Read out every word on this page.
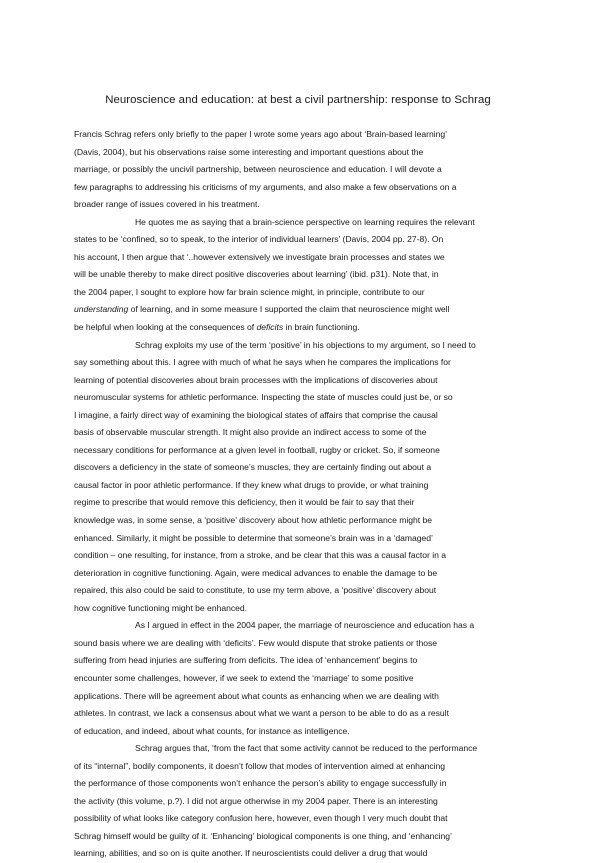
Neuroscience and education: at best a civil partnership: response to Schrag
Francis Schrag refers only briefly to the paper I wrote some years ago about ‘Brain-based learning’
(Davis, 2004), but his observations raise some interesting and important questions about the
marriage, or possibly the uncivil partnership, between neuroscience and education. I will devote a
few paragraphs to addressing his criticisms of my arguments, and also make a few observations on a
broader range of issues covered in his treatment.
He quotes me as saying that a brain-science perspective on learning requires the relevant
states to be ‘confined, so to speak, to the interior of individual learners’ (Davis, 2004 pp. 27-8). On
his account, I then argue that ‘..however extensively we investigate brain processes and states we
will be unable thereby to make direct positive discoveries about learning’ (ibid. p31). Note that, in
the 2004 paper, I sought to explore how far brain science might, in principle, contribute to our
understanding of learning, and in some measure I supported the claim that neuroscience might well
be helpful when looking at the consequences of deficits in brain functioning.
Schrag exploits my use of the term ‘positive’ in his objections to my argument, so I need to
say something about this. I agree with much of what he says when he compares the implications for
learning of potential discoveries about brain processes with the implications of discoveries about
neuromuscular systems for athletic performance. Inspecting the state of muscles could just be, or so
I imagine, a fairly direct way of examining the biological states of affairs that comprise the causal
basis of observable muscular strength. It might also provide an indirect access to some of the
necessary conditions for performance at a given level in football, rugby or cricket. So, if someone
discovers a deficiency in the state of someone’s muscles, they are certainly finding out about a
causal factor in poor athletic performance. If they knew what drugs to provide, or what training
regime to prescribe that would remove this deficiency, then it would be fair to say that their
knowledge was, in some sense, a ‘positive’ discovery about how athletic performance might be
enhanced. Similarly, it might be possible to determine that someone’s brain was in a ‘damaged’
condition – one resulting, for instance, from a stroke, and be clear that this was a causal factor in a
deterioration in cognitive functioning. Again, were medical advances to enable the damage to be
repaired, this also could be said to constitute, to use my term above, a ‘positive’ discovery about
how cognitive functioning might be enhanced.
As I argued in effect in the 2004 paper, the marriage of neuroscience and education has a
sound basis where we are dealing with ‘deficits’. Few would dispute that stroke patients or those
suffering from head injuries are suffering from deficits. The idea of ‘enhancement’ begins to
encounter some challenges, however, if we seek to extend the ‘marriage’ to some positive
applications. There will be agreement about what counts as enhancing when we are dealing with
athletes. In contrast, we lack a consensus about what we want a person to be able to do as a result
of education, and indeed, about what counts, for instance as intelligence.
Schrag argues that, ‘from the fact that some activity cannot be reduced to the performance
of its “internal”, bodily components, it doesn’t follow that modes of intervention aimed at enhancing
the performance of those components won’t enhance the person’s ability to engage successfully in
the activity (this volume, p.?). I did not argue otherwise in my 2004 paper. There is an interesting
possibility of what looks like category confusion here, however, even though I very much doubt that
Schrag himself would be guilty of it. ‘Enhancing’ biological components is one thing, and ‘enhancing’
learning, abilities, and so on is quite another. If neuroscientists could deliver a drug that would
